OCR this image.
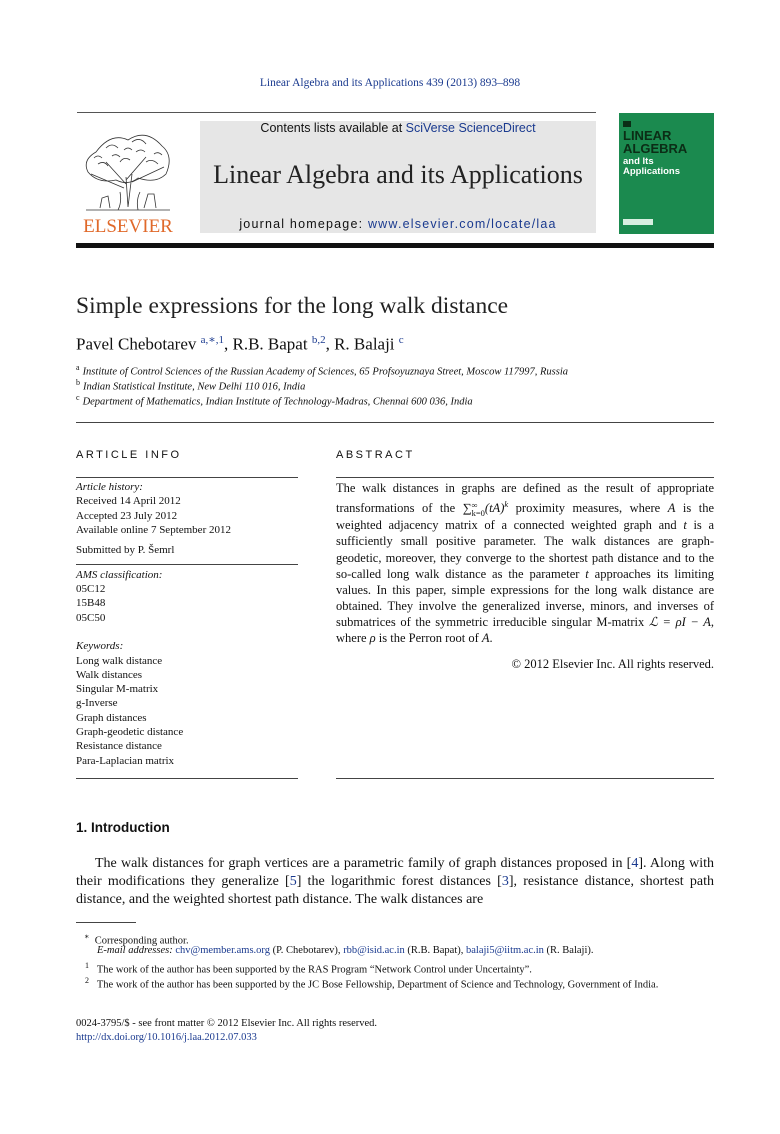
Linear Algebra and its Applications 439 (2013) 893–898
ELSEVIER
Contents lists available at SciVerse ScienceDirect
Linear Algebra and its Applications
journal homepage: www.elsevier.com/locate/laa
LINEAR
ALGEBRA
and Its
Applications
Simple expressions for the long walk distance
Pavel Chebotarev $^{a,∗,1}$, R.B. Bapat $^{b,2}$, R. Balaji $^c$
$^a$ Institute of Control Sciences of the Russian Academy of Sciences, 65 Profsoyuznaya Street, Moscow 117997, Russia
$^b$ Indian Statistical Institute, New Delhi 110 016, India
$^c$ Department of Mathematics, Indian Institute of Technology-Madras, Chennai 600 036, India
ARTICLE INFO
Article history:
Received 14 April 2012
Accepted 23 July 2012
Available online 7 September 2012
Submitted by P. Šemrl
AMS classification:
05C12
15B48
05C50
Keywords:
Long walk distance
Walk distances
Singular M-matrix
g-Inverse
Graph distances
Graph-geodetic distance
Resistance distance
Para-Laplacian matrix
ABSTRACT
The walk distances in graphs are defined as the result of appropriate transformations of the ∑ ∞
k=0 (tA)$^k$ proximity measures, where A is the weighted adjacency matrix of a connected weighted graph and t is a sufficiently small positive parameter. The walk distances are graph-geodetic, moreover, they converge to the shortest path distance and to the so-called long walk distance as the parameter t approaches its limiting values. In this paper, simple expressions for the long walk distance are obtained. They involve the generalized inverse, minors, and inverses of submatrices of the symmetric irreducible singular M-matrix ℒ = ρI − A, where ρ is the Perron root of A.
© 2012 Elsevier Inc. All rights reserved.
1. Introduction
The walk distances for graph vertices are a parametric family of graph distances proposed in [4]. Along with their modifications they generalize [5] the logarithmic forest distances [3], resistance distance, shortest path distance, and the weighted shortest path distance. The walk distances are
∗ Corresponding author.
E-mail addresses: chv@member.ams.org (P. Chebotarev), rbb@isid.ac.in (R.B. Bapat), balaji5@iitm.ac.in (R. Balaji).
$^1$ The work of the author has been supported by the RAS Program “Network Control under Uncertainty”.
$^2$ The work of the author has been supported by the JC Bose Fellowship, Department of Science and Technology, Government of India.
0024-3795/$ - see front matter © 2012 Elsevier Inc. All rights reserved.
http://dx.doi.org/10.1016/j.laa.2012.07.033
